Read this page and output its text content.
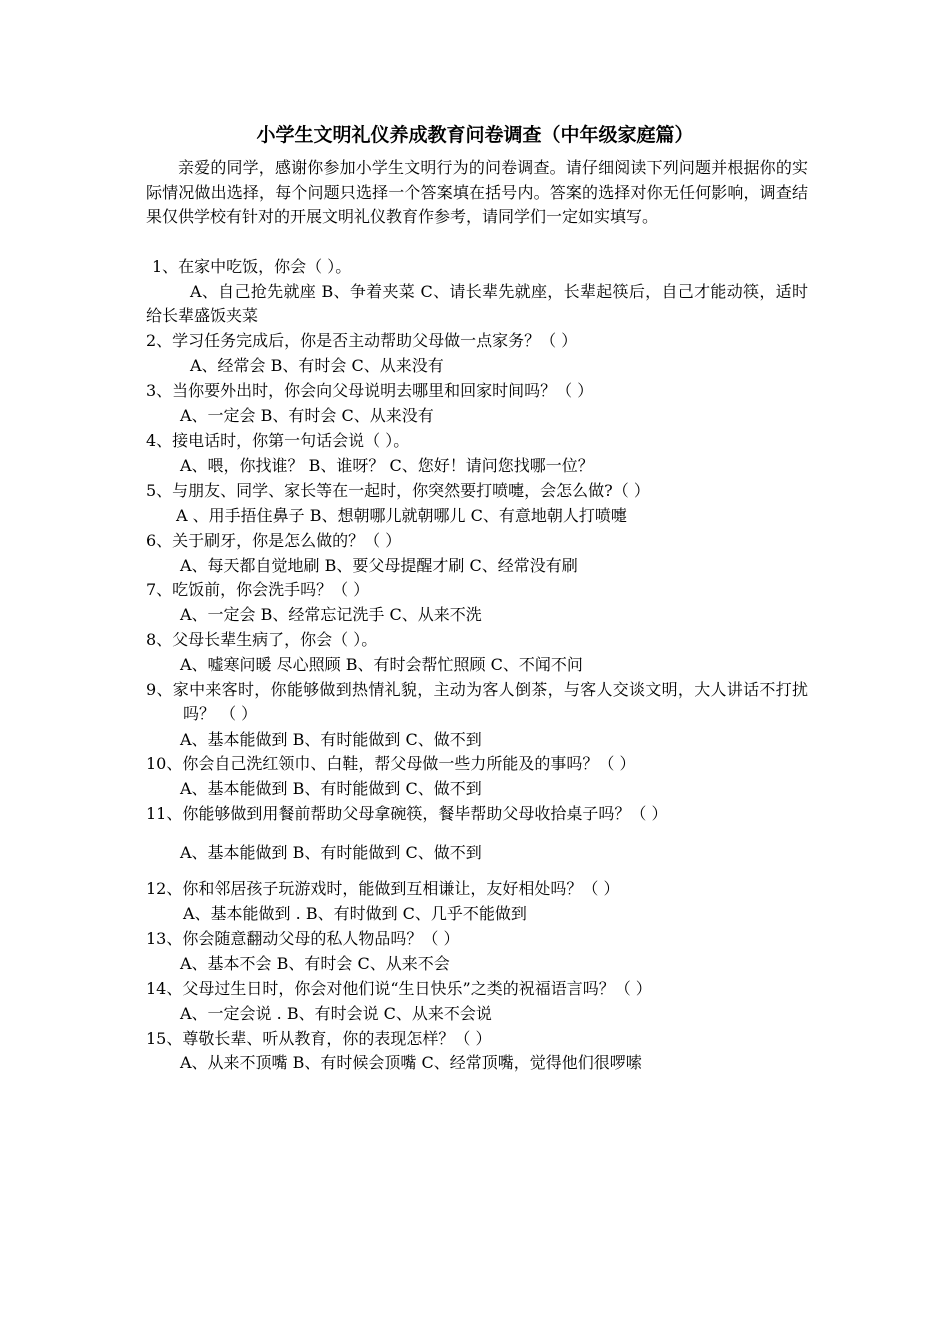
小学生文明礼仪养成教育问卷调查（中年级家庭篇）
亲爱的同学，感谢你参加小学生文明行为的问卷调查。请仔细阅读下列问题并根据你的实际情况做出选择，每个问题只选择一个答案填在括号内。答案的选择对你无任何影响，调查结果仅供学校有针对的开展文明礼仪教育作参考，请同学们一定如实填写。
1、在家中吃饭，你会（ ）。
A、自己抢先就座 B、争着夹菜 C、请长辈先就座，长辈起筷后，自己才能动筷，适时给长辈盛饭夹菜
2、学习任务完成后，你是否主动帮助父母做一点家务？（ ）
A、经常会 B、有时会 C、从来没有
3、当你要外出时，你会向父母说明去哪里和回家时间吗？（ ）
A、一定会 B、有时会 C、从来没有
4、接电话时，你第一句话会说（ ）。
A、喂，你找谁？ B、谁呀？ C、您好！请问您找哪一位？
5、与朋友、同学、家长等在一起时，你突然要打喷嚏，会怎么做?（ ）
A 、用手捂住鼻子 B、想朝哪儿就朝哪儿 C、有意地朝人打喷嚏
6、关于刷牙，你是怎么做的？（ ）
A、每天都自觉地刷 B、要父母提醒才刷 C、经常没有刷
7、吃饭前，你会洗手吗？（ ）
A、一定会 B、经常忘记洗手 C、从来不洗
8、父母长辈生病了，你会（ ）。
A、嘘寒问暖 尽心照顾 B、有时会帮忙照顾 C、不闻不问
9、家中来客时，你能够做到热情礼貌，主动为客人倒茶，与客人交谈文明，大人讲话不打扰吗？ （ ）
A、基本能做到 B、有时能做到 C、做不到
10、你会自己洗红领巾、白鞋，帮父母做一些力所能及的事吗？（ ）
A、基本能做到 B、有时能做到 C、做不到
11、你能够做到用餐前帮助父母拿碗筷，餐毕帮助父母收拾桌子吗？（ ）
A、基本能做到 B、有时能做到 C、做不到
12、你和邻居孩子玩游戏时，能做到互相谦让，友好相处吗？（ ）
A、基本能做到 . B、有时做到 C、几乎不能做到
13、你会随意翻动父母的私人物品吗？（ ）
A、基本不会 B、有时会 C、从来不会
14、父母过生日时，你会对他们说“生日快乐”之类的祝福语言吗？（ ）
A、一定会说 . B、有时会说 C、从来不会说
15、尊敬长辈、听从教育，你的表现怎样？（ ）
A、从来不顶嘴 B、有时候会顶嘴 C、经常顶嘴，觉得他们很啰嗦
